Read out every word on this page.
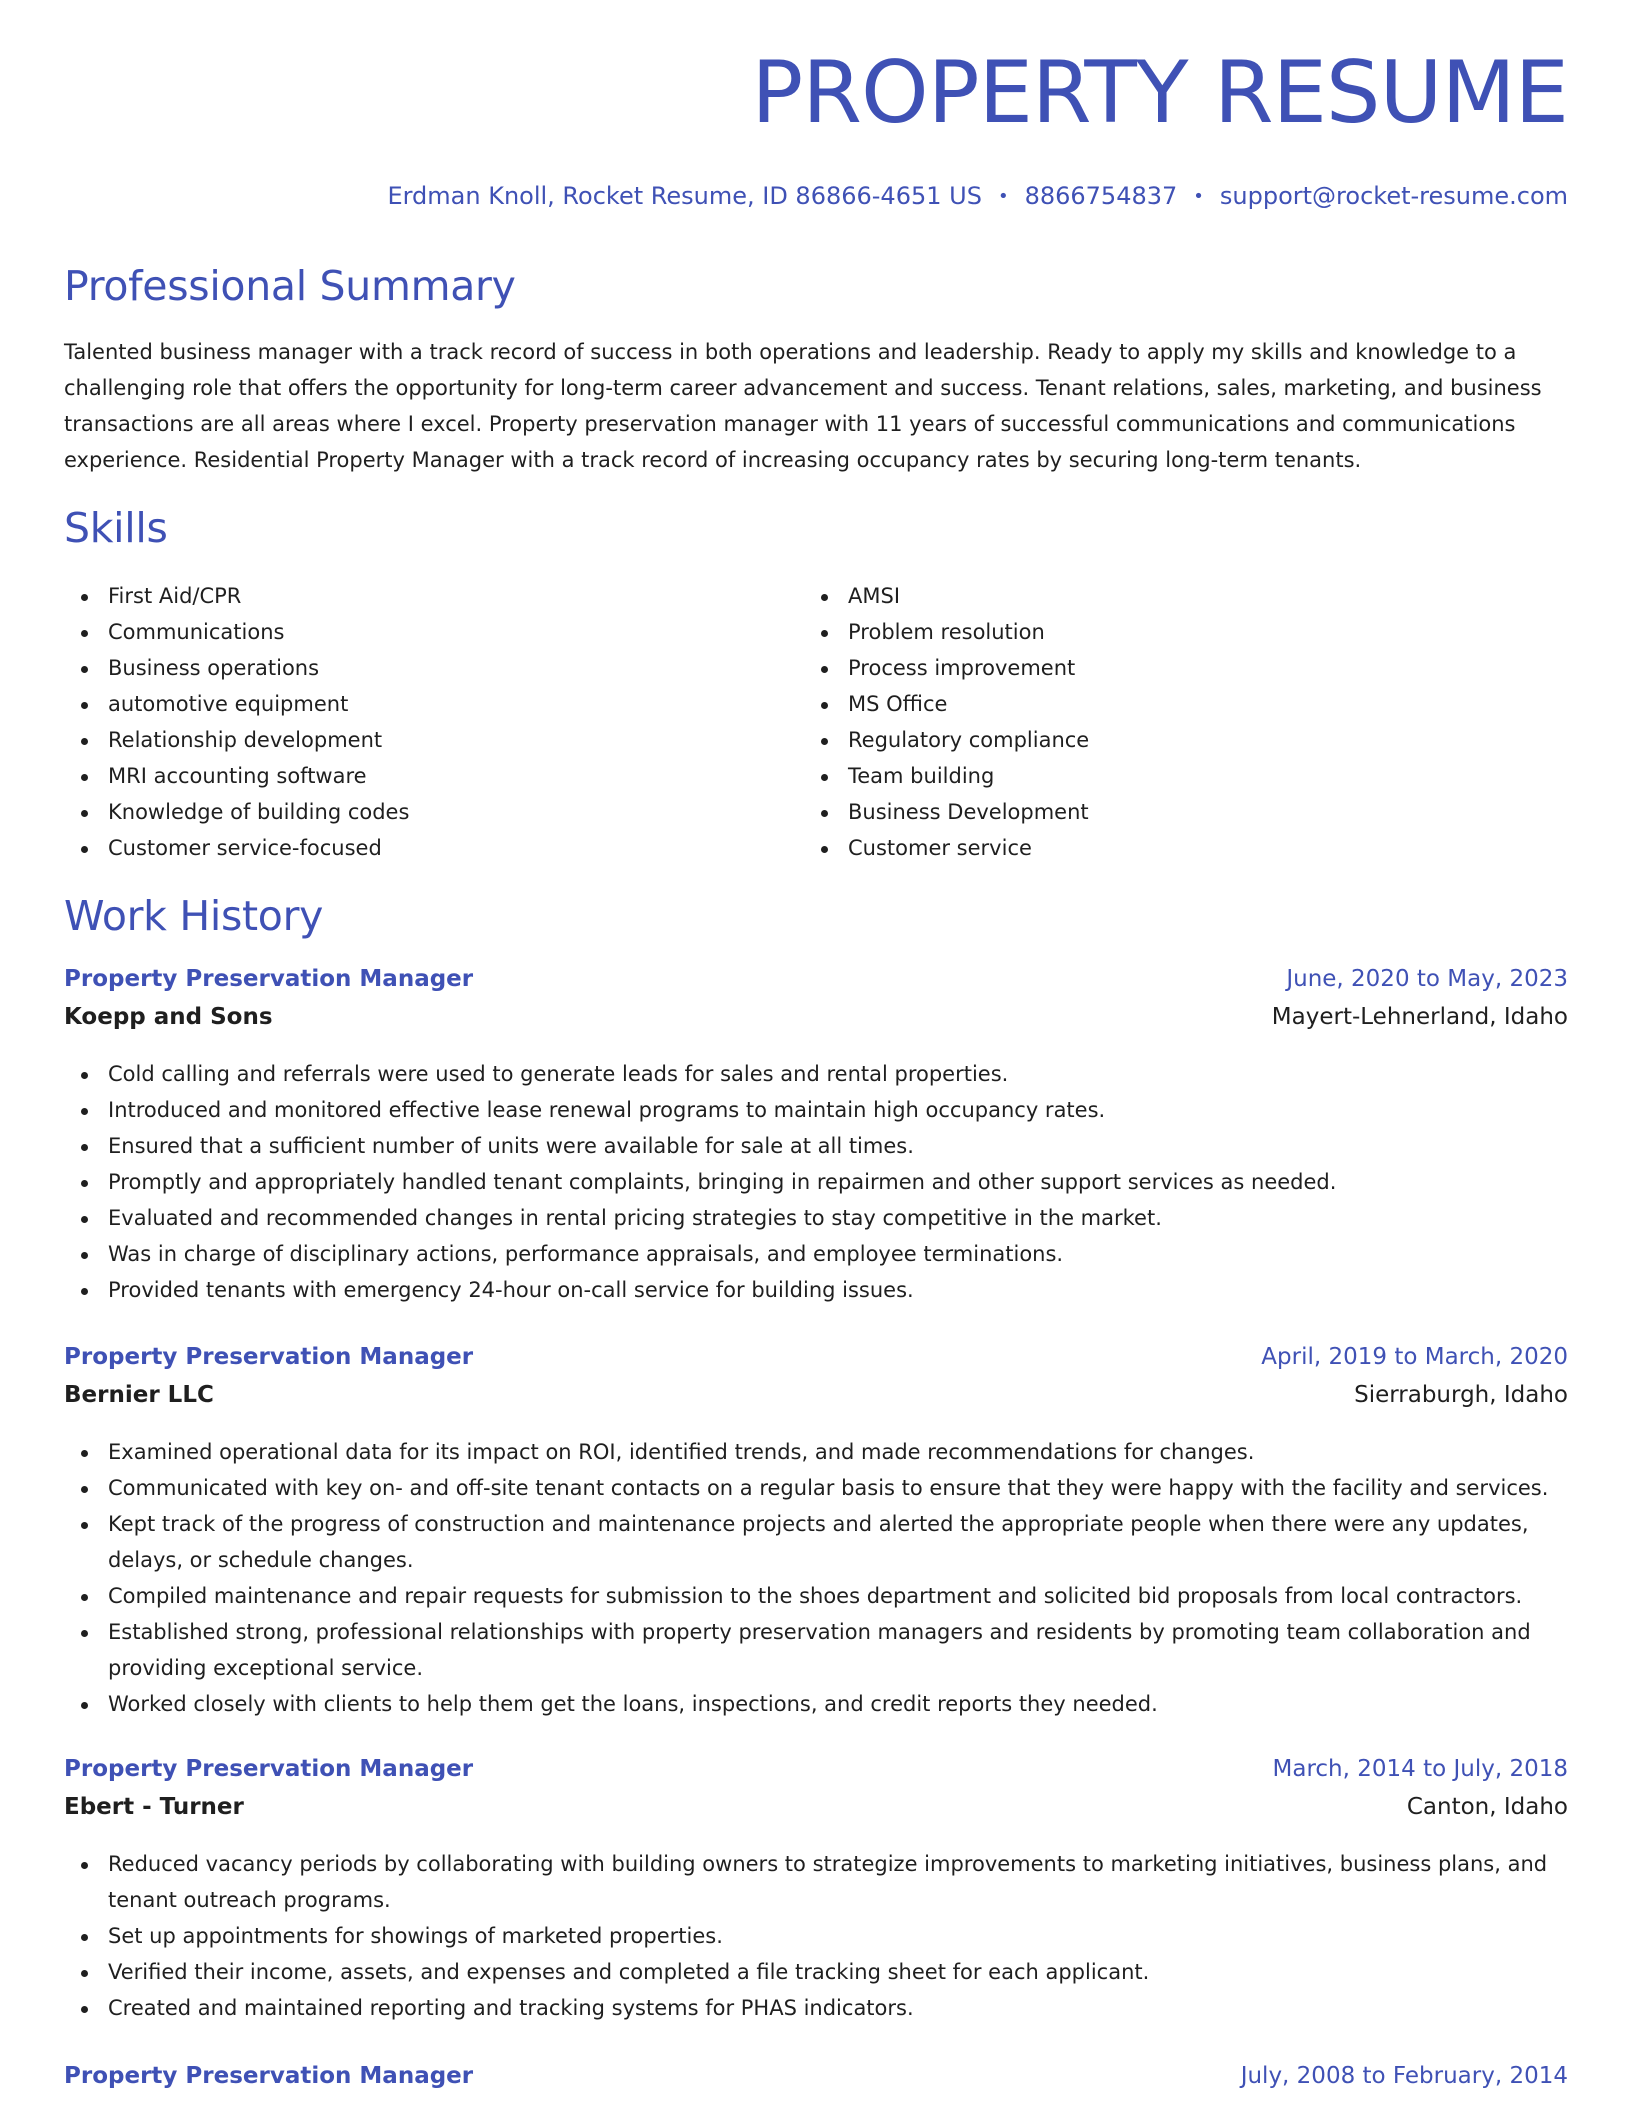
PROPERTY RESUME
Erdman Knoll, Rocket Resume, ID 86866-4651 US • 8866754837 • support@rocket-resume.com
Professional Summary

Talented business manager with a track record of success in both operations and leadership. Ready to apply my skills and knowledge to a challenging role that offers the opportunity for long-term career advancement and success. Tenant relations, sales, marketing, and business transactions are all areas where I excel. Property preservation manager with 11 years of successful communications and communications experience. Residential Property Manager with a track record of increasing occupancy rates by securing long-term tenants.

Skills
First Aid/CPR
Communications
Business operations
automotive equipment
Relationship development
MRI accounting software
Knowledge of building codes
Customer service-focused
AMSI
Problem resolution
Process improvement
MS Office
Regulatory compliance
Team building
Business Development
Customer service
Work History
Property Preservation Manager	June, 2020 to May, 2023
Koepp and Sons	Mayert-Lehnerland, Idaho
Cold calling and referrals were used to generate leads for sales and rental properties.
Introduced and monitored effective lease renewal programs to maintain high occupancy rates.
Ensured that a sufficient number of units were available for sale at all times.
Promptly and appropriately handled tenant complaints, bringing in repairmen and other support services as needed.
Evaluated and recommended changes in rental pricing strategies to stay competitive in the market.
Was in charge of disciplinary actions, performance appraisals, and employee terminations.
Provided tenants with emergency 24-hour on-call service for building issues.
Property Preservation Manager	April, 2019 to March, 2020
Bernier LLC	Sierraburgh, Idaho
Examined operational data for its impact on ROI, identified trends, and made recommendations for changes.
Communicated with key on- and off-site tenant contacts on a regular basis to ensure that they were happy with the facility and services.
Kept track of the progress of construction and maintenance projects and alerted the appropriate people when there were any updates, delays, or schedule changes.
Compiled maintenance and repair requests for submission to the shoes department and solicited bid proposals from local contractors.
Established strong, professional relationships with property preservation managers and residents by promoting team collaboration and providing exceptional service.
Worked closely with clients to help them get the loans, inspections, and credit reports they needed.
Property Preservation Manager	March, 2014 to July, 2018
Ebert - Turner	Canton, Idaho
Reduced vacancy periods by collaborating with building owners to strategize improvements to marketing initiatives, business plans, and tenant outreach programs.
Set up appointments for showings of marketed properties.
Verified their income, assets, and expenses and completed a file tracking sheet for each applicant.
Created and maintained reporting and tracking systems for PHAS indicators.
Property Preservation Manager	July, 2008 to February, 2014
